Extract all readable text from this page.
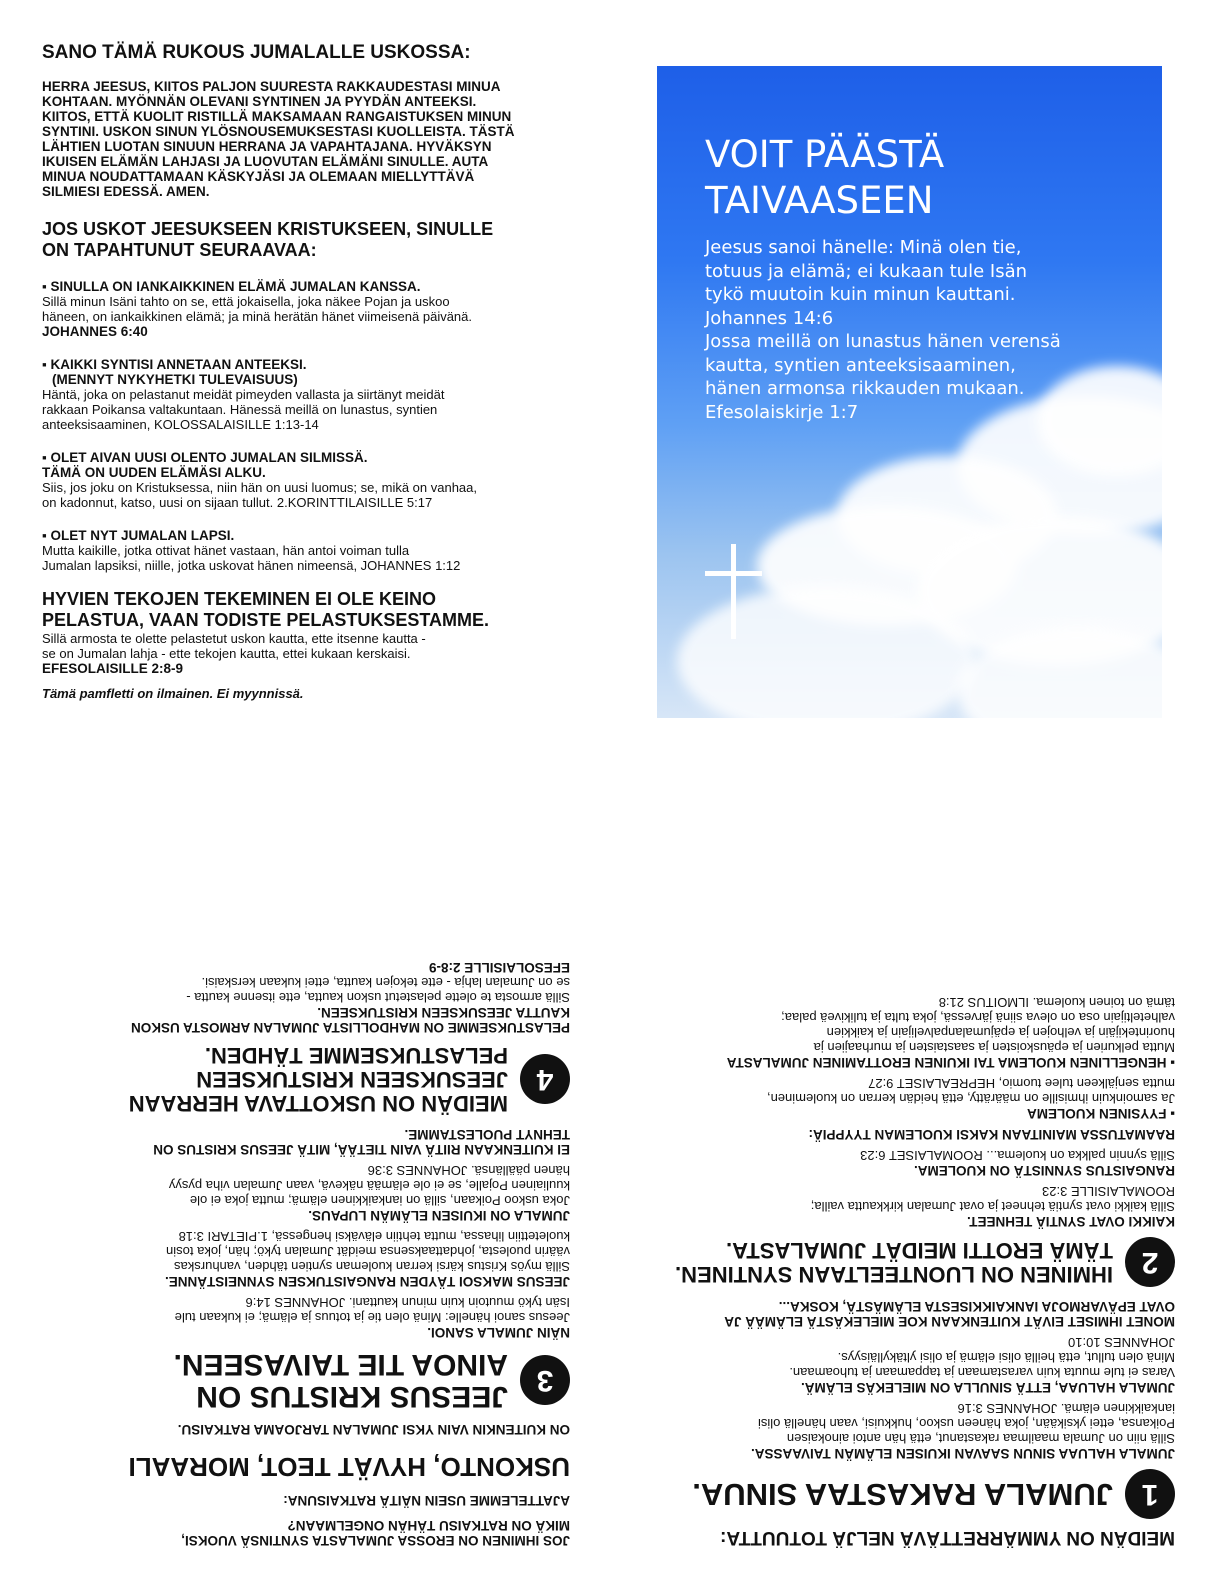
SANO TÄMÄ RUKOUS JUMALALLE USKOSSA:

HERRA JEESUS, KIITOS PALJON SUURESTA RAKKAUDESTASI MINUA

KOHTAAN. MYÖNNÄN OLEVANI SYNTINEN JA PYYDÄN ANTEEKSI.

KIITOS, ETTÄ KUOLIT RISTILLÄ MAKSAMAAN RANGAISTUKSEN MINUN

SYNTINI. USKON SINUN YLÖSNOUSEMUKSESTASI KUOLLEISTA. TÄSTÄ

LÄHTIEN LUOTAN SINUUN HERRANA JA VAPAHTAJANA. HYVÄKSYN

IKUISEN ELÄMÄN LAHJASI JA LUOVUTAN ELÄMÄNI SINULLE. AUTA

MINUA NOUDATTAMAAN KÄSKYJÄSI JA OLEMAAN MIELLYTTÄVÄ

SILMIESI EDESSÄ. AMEN.

JOS USKOT JEESUKSEEN KRISTUKSEEN, SINULLE

ON TAPAHTUNUT SEURAAVAA:

▪ SINULLA ON IANKAIKKINEN ELÄMÄ JUMALAN KANSSA.

Sillä minun Isäni tahto on se, että jokaisella, joka näkee Pojan ja uskoo

häneen, on iankaikkinen elämä; ja minä herätän hänet viimeisenä päivänä.

JOHANNES 6:40

▪ KAIKKI SYNTISI ANNETAAN ANTEEKSI.

(MENNYT NYKYHETKI TULEVAISUUS)

Häntä, joka on pelastanut meidät pimeyden vallasta ja siirtänyt meidät

rakkaan Poikansa valtakuntaan. Hänessä meillä on lunastus, syntien

anteeksisaaminen, KOLOSSALAISILLE 1:13-14

▪ OLET AIVAN UUSI OLENTO JUMALAN SILMISSÄ.

TÄMÄ ON UUDEN ELÄMÄSI ALKU.

Siis, jos joku on Kristuksessa, niin hän on uusi luomus; se, mikä on vanhaa,

on kadonnut, katso, uusi on sijaan tullut. 2.KORINTTILAISILLE 5:17

▪ OLET NYT JUMALAN LAPSI.

Mutta kaikille, jotka ottivat hänet vastaan, hän antoi voiman tulla

Jumalan lapsiksi, niille, jotka uskovat hänen nimeensä, JOHANNES 1:12

HYVIEN TEKOJEN TEKEMINEN EI OLE KEINO

PELASTUA, VAAN TODISTE PELASTUKSESTAMME.

Sillä armosta te olette pelastetut uskon kautta, ette itsenne kautta -

se on Jumalan lahja - ette tekojen kautta, ettei kukaan kerskaisi.

EFESOLAISILLE 2:8-9

Tämä pamfletti on ilmainen. Ei myynnissä.

VOIT PÄÄSTÄ
TAIVAASEEN
Jeesus sanoi hänelle: Minä olen tie,
totuus ja elämä; ei kukaan tule Isän
tykö muutoin kuin minun kauttani.
Johannes 14:6
Jossa meillä on lunastus hänen verensä
kautta, syntien anteeksisaaminen,
hänen armonsa rikkauden mukaan.
Efesolaiskirje 1:7

MEIDÄN ON YMMÄRRETTÄVÄ NELJÄ TOTUUTTA:

1
JUMALA RAKASTAA SINUA.

JUMALA HALUAA SINUN SAAVAN IKUISEN ELÄMÄN TAIVAASSA.

Sillä niin on Jumala maailmaa rakastanut, että hän antoi ainokaisen

Poikansa, ettei yksikään, joka häneen uskoo, hukkuisi, vaan hänellä olisi

iankaikkinen elämä. JOHANNES 3:16

JUMALA HALUAA, ETTÄ SINULLA ON MIELEKÄS ELÄMÄ.

Varas ei tule muuta kuin varastamaan ja tappamaan ja tuhoamaan.

Minä olen tullut, että heillä olisi elämä ja olisi yltäkylläisyys.

JOHANNES 10:10

MONET IHMISET EIVÄT KUITENKAAN KOE MIELEKÄSTÄ ELÄMÄÄ JA

OVAT EPÄVARMOJA IANKAIKKISESTA ELÄMÄSTÄ, KOSKA...

2
IHMINEN ON LUONTEELTAAN SYNTINEN.
TÄMÄ EROTTI MEIDÄT JUMALASTA.

KAIKKI OVAT SYNTIÄ TEHNEET.

Sillä kaikki ovat syntiä tehneet ja ovat Jumalan kirkkautta vailla;

ROOMALAISILLE 3:23

RANGAISTUS SYNNISTÄ ON KUOLEMA.

Sillä synnin palkka on kuolema... ROOMALAISET 6:23

RAAMATUSSA MAINITAAN KAKSI KUOLEMAN TYYPPIÄ:

▪ FYYSINEN KUOLEMA

Ja samoinkuin ihmisille on määrätty, että heidän kerran on kuoleminen,

mutta senjälkeen tulee tuomio, HEPREALAISET 9:27

▪ HENGELLINEN KUOLEMA TAI IKUINEN EROTTAMINEN JUMALASTA

Mutta pelkurien ja epäuskoisten ja saastaisten ja murhaajien ja

huorintekijäin ja velhojen ja epäjumalanpalvelijain ja kaikkien

valheteltijain osa on oleva siinä järvessä, joka tulta ja tulikiveä palaa;

tämä on toinen kuolema. ILMOITUS 21:8

JOS IHMINEN ON EROSSA JUMALASTA SYNTINSÄ VUOKSI,

MIKÄ ON RATKAISU TÄHÄN ONGELMAAN?

AJATTELEMME USEIN NÄITÄ RATKAISUNA:

USKONTO, HYVÄT TEOT, MORAALI

ON KUITENKIN VAIN YKSI JUMALAN TARJOAMA RATKAISU.

3
JEESUS KRISTUS ON
AINOA TIE TAIVASEEN.

NÄIN JUMALA SANOI.

Jeesus sanoi hänelle: Minä olen tie ja totuus ja elämä; ei kukaan tule

Isän tykö muutoin kuin minun kauttani. JOHANNES 14:6

JEESUS MAKSOI TÄYDEN RANGAISTUKSEN SYNNEISTÄNNE.

Sillä myös Kristus kärsi kerran kuoleman syntien tähden, vanhurskas

väärin puolesta, johdattaaksensa meidät Jumalan tykö; hän, joka tosin

kuoletettiin lihassa, mutta tehtiin eläväksi hengessä, 1.PIETARI 3:18

JUMALA ON IKUISEN ELÄMÄN LUPAUS.

Joka uskoo Poikaan, sillä on iankaikkinen elämä; mutta joka ei ole

kuuliainen Pojalle, se ei ole elämää näkevä, vaan Jumalan viha pysyy

hänen päällänsä. JOHANNES 3:36

EI KUITENKAAN RIITÄ VAIN TIETÄÄ, MITÄ JEESUS KRISTUS ON

TEHNYT PUOLESTAMME.

4
MEIDÄN ON USKOTTAVA HERRAAN
JEESUKSEEN KRISTUKSEEN
PELASTUKSEMME TÄHDEN.

PELASTUKSEMME ON MAHDOLLISTA JUMALAN ARMOSTA USKON

KAUTTA JEESUKSEEN KRISTUKSEEN.

Sillä armosta te olette pelastetut uskon kautta, ette itsenne kautta -

se on Jumalan lahja - ette tekojen kautta, ettei kukaan kerskaisi.

EFESOLAISILLE 2:8-9
